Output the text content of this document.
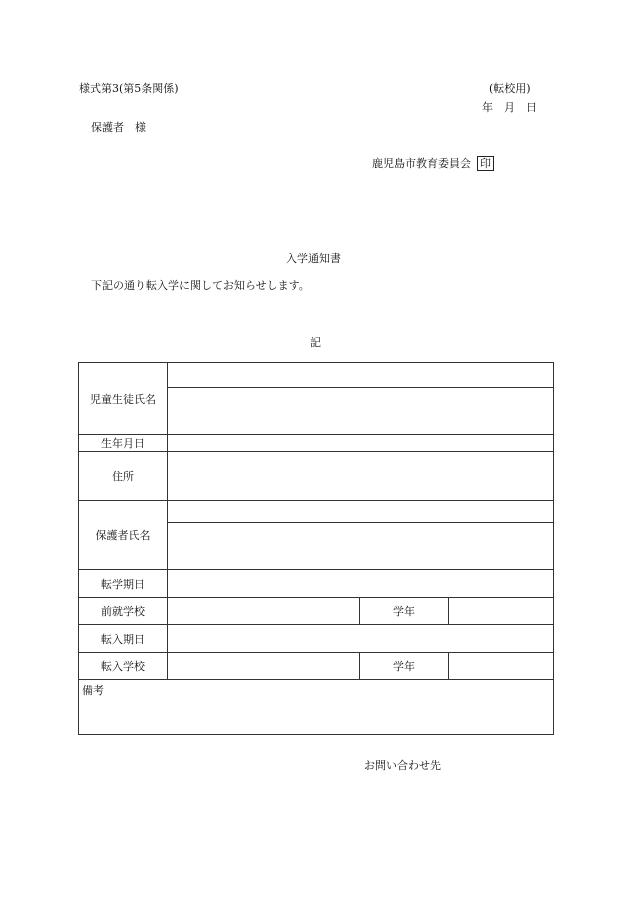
様式第3(第5条関係)	(転校用)
年　月　日
保護者　様
鹿児島市教育委員会 印
入学通知書
下記の通り転入学に関してお知らせします。
記
児童生徒氏名			

生年月日			
住所			
保護者氏名			

転学期日			
前就学校		学年	
転入期日			
転入学校		学年	
備考			
お問い合わせ先
